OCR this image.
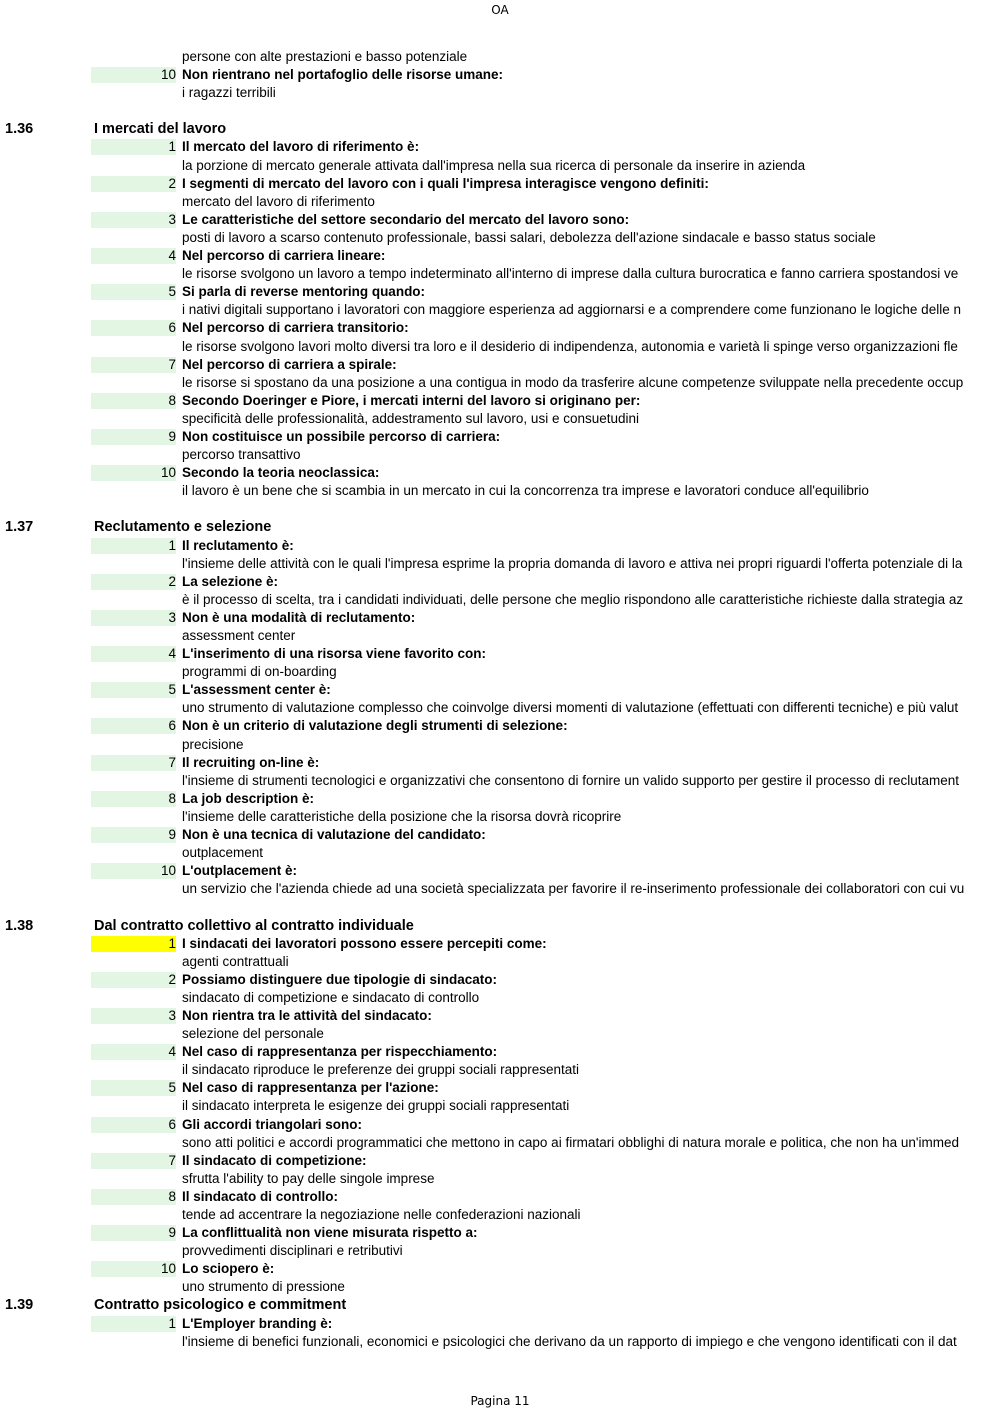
OA
persone con alte prestazioni e basso potenziale
10 Non rientrano nel portafoglio delle risorse umane:
i ragazzi terribili
1.36	I mercati del lavoro
1 Il mercato del lavoro di riferimento è:
la porzione di mercato generale attivata dall'impresa nella sua ricerca di personale da inserire in azienda
2 I segmenti di mercato del lavoro con i quali l'impresa interagisce vengono definiti:
mercato del lavoro di riferimento
3 Le caratteristiche del settore secondario del mercato del lavoro sono:
posti di lavoro a scarso contenuto professionale, bassi salari, debolezza dell'azione sindacale e basso status sociale
4 Nel percorso di carriera lineare:
le risorse svolgono un lavoro a tempo indeterminato all'interno di imprese dalla cultura burocratica e fanno carriera spostandosi ve
5 Si parla di reverse mentoring quando:
i nativi digitali supportano i lavoratori con maggiore esperienza ad aggiornarsi e a comprendere come funzionano le logiche delle n
6 Nel percorso di carriera transitorio:
le risorse svolgono lavori molto diversi tra loro e il desiderio di indipendenza, autonomia e varietà li spinge verso organizzazioni fle
7 Nel percorso di carriera a spirale:
le risorse si spostano da una posizione a una contigua in modo da trasferire alcune competenze sviluppate nella precedente occup
8 Secondo Doeringer e Piore, i mercati interni del lavoro si originano per:
specificità delle professionalità, addestramento sul lavoro, usi e consuetudini
9 Non costituisce un possibile percorso di carriera:
percorso transattivo
10 Secondo la teoria neoclassica:
il lavoro è un bene che si scambia in un mercato in cui la concorrenza tra imprese e lavoratori conduce all'equilibrio
1.37	Reclutamento e selezione
1 Il reclutamento è:
l'insieme delle attività con le quali l'impresa esprime la propria domanda di lavoro e attiva nei propri riguardi l'offerta potenziale di la
2 La selezione è:
è il processo di scelta, tra i candidati individuati, delle persone che meglio rispondono alle caratteristiche richieste dalla strategia az
3 Non è una modalità di reclutamento:
assessment center
4 L'inserimento di una risorsa viene favorito con:
programmi di on-boarding
5 L'assessment center è:
uno strumento di valutazione complesso che coinvolge diversi momenti di valutazione (effettuati con differenti tecniche) e più valut
6 Non è un criterio di valutazione degli strumenti di selezione:
precisione
7 Il recruiting on-line è:
l'insieme di strumenti tecnologici e organizzativi che consentono di fornire un valido supporto per gestire il processo di reclutament
8 La job description è:
l'insieme delle caratteristiche della posizione che la risorsa dovrà ricoprire
9 Non è una tecnica di valutazione del candidato:
outplacement
10 L'outplacement è:
un servizio che l'azienda chiede ad una società specializzata per favorire il re-inserimento professionale dei collaboratori con cui vu
1.38	Dal contratto collettivo al contratto individuale
1 I sindacati dei lavoratori possono essere percepiti come:
agenti contrattuali
2 Possiamo distinguere due tipologie di sindacato:
sindacato di competizione e sindacato di controllo
3 Non rientra tra le attività del sindacato:
selezione del personale
4 Nel caso di rappresentanza per rispecchiamento:
il sindacato riproduce le preferenze dei gruppi sociali rappresentati
5 Nel caso di rappresentanza per l'azione:
il sindacato interpreta le esigenze dei gruppi sociali rappresentati
6 Gli accordi triangolari sono:
sono atti politici e accordi programmatici che mettono in capo ai firmatari obblighi di natura morale e politica, che non ha un'immed
7 Il sindacato di competizione:
sfrutta l'ability to pay delle singole imprese
8 Il sindacato di controllo:
tende ad accentrare la negoziazione nelle confederazioni nazionali
9 La conflittualità non viene misurata rispetto a:
provvedimenti disciplinari e retributivi
10 Lo sciopero è:
uno strumento di pressione
1.39	Contratto psicologico e commitment
1 L'Employer branding è:
l'insieme di benefici funzionali, economici e psicologici che derivano da un rapporto di impiego e che vengono identificati con il dat
Pagina 11
